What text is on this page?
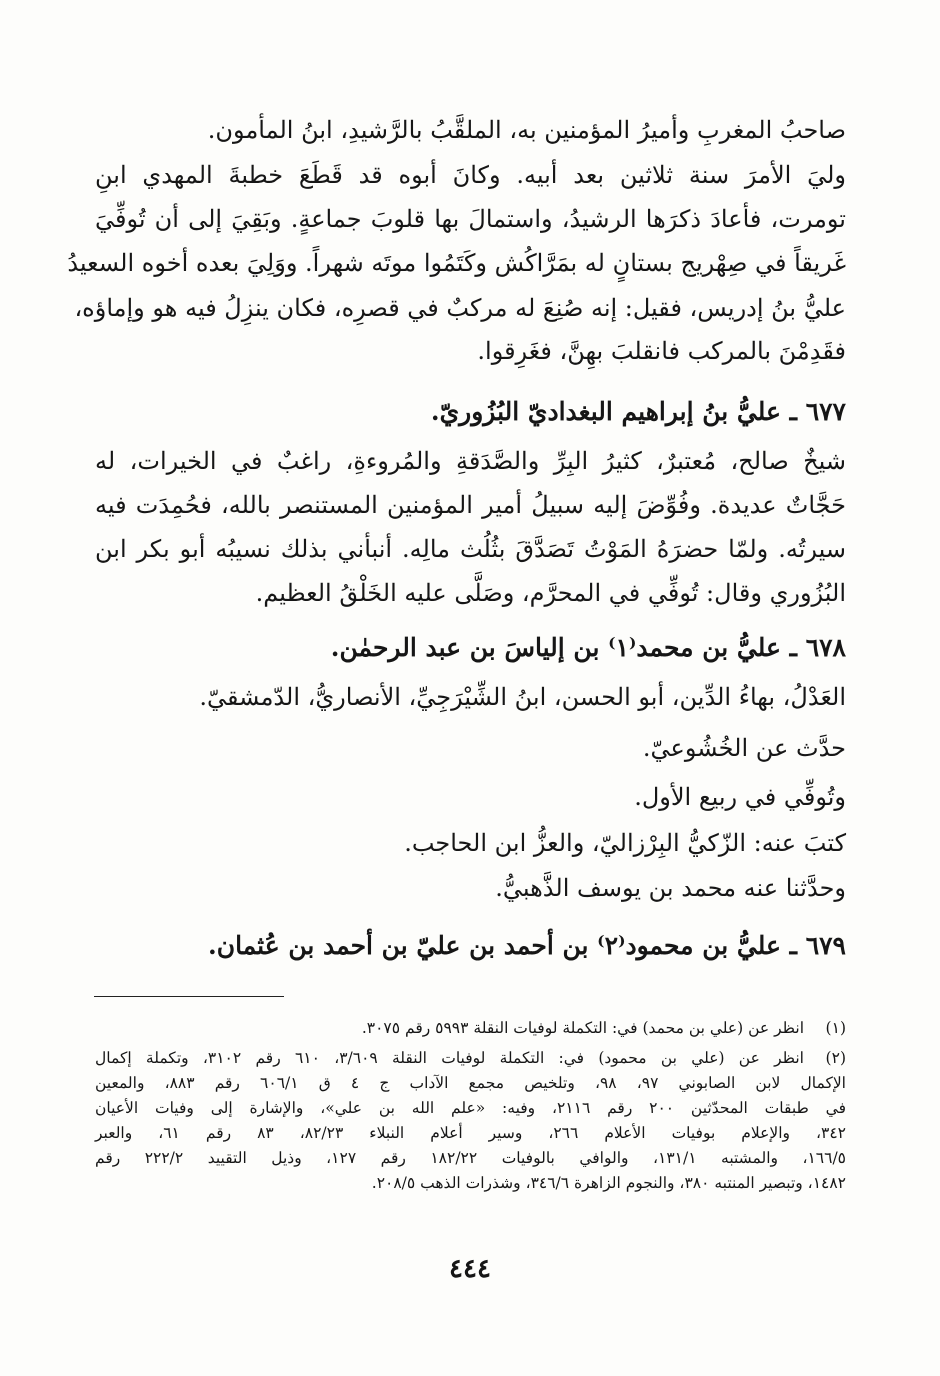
صاحبُ المغربِ وأميرُ المؤمنين به، الملقَّبُ بالرَّشيدِ، ابنُ المأمون.
وليَ الأمرَ سنة ثلاثين بعد أبيه. وكانَ أبوه قد قَطَعَ خطبةَ المهدي ابنِ
تومرت، فأعادَ ذكرَها الرشيدُ، واستمالَ بها قلوبَ جماعةٍ. وبَقِيَ إلى أن تُوفِّيَ
غَريقاً في صِهْريج بستانٍ له بمَرَّاكُش وكَتَمُوا موتَه شهراً. ووَلِيَ بعده أخوه السعيدُ
عليُّ بنُ إدريس، فقيل: إنه صُنِعَ له مركبٌ في قصرِه، فكان ينزِلُ فيه هو وإماؤه،
فقَدِمْنَ بالمركب فانقلبَ بهِنَّ، فغَرِقوا.
٦٧٧ ـ عليُّ بنُ إبراهيم البغداديّ البُزُوريّ.
شيخٌ صالح، مُعتبرٌ، كثيرُ البِرِّ والصَّدَقةِ والمُروءةِ، راغبٌ في الخيرات، له
حَجَّاتٌ عديدة. وفُوِّضَ إليه سبيلُ أمير المؤمنين المستنصر بالله، فحُمِدَت فيه
سيرتُه. ولمّا حضرَهُ المَوْتُ تَصَدَّقَ بثُلُث مالِه. أنبأني بذلك نسيبُه أبو بكر ابن
البُزُوري وقال: تُوفِّي في المحرَّم، وصَلَّى عليه الخَلْقُ العظيم.
٦٧٨ ـ عليُّ بن محمد⁽١⁾ بن إلياسَ بن عبد الرحمٰن.
العَدْلُ، بهاءُ الدِّين، أبو الحسن، ابنُ الشِّيْرَجِيِّ، الأنصاريُّ، الدّمشقيّ.
حدَّث عن الخُشُوعيّ.
وتُوفِّي في ربيع الأول.
كتبَ عنه: الزّكيُّ البِرْزاليّ، والعزُّ ابن الحاجب.
وحدَّثنا عنه محمد بن يوسف الذَّهبيُّ.
٦٧٩ ـ عليُّ بن محمود⁽٢⁾ بن أحمد بن عليّ بن أحمد بن عُثمان.
(١)
انظر عن (علي بن محمد) في: التكملة لوفيات النقلة ٥٩٩٣ رقم ٣٠٧٥.
(٢)
انظر عن (علي بن محمود) في: التكملة لوفيات النقلة ٣/٦٠٩، ٦١٠ رقم ٣١٠٢، وتكملة إكمال
الإكمال لابن الصابوني ٩٧، ٩٨، وتلخيص مجمع الآداب ج ٤ ق ٦٠٦/١ رقم ٨٨٣، والمعين
في طبقات المحدّثين ٢٠٠ رقم ٢١١٦، وفيه: «علم الله بن علي»، والإشارة إلى وفيات الأعيان
٣٤٢، والإعلام بوفيات الأعلام ٢٦٦، وسير أعلام النبلاء ٨٢/٢٣، ٨٣ رقم ٦١، والعبر
١٦٦/٥، والمشتبه ١٣١/١، والوافي بالوفيات ١٨٢/٢٢ رقم ١٢٧، وذيل التقييد ٢٢٢/٢ رقم
١٤٨٢، وتبصير المنتبه ٣٨٠، والنجوم الزاهرة ٣٤٦/٦، وشذرات الذهب ٢٠٨/٥.
٤٤٤
